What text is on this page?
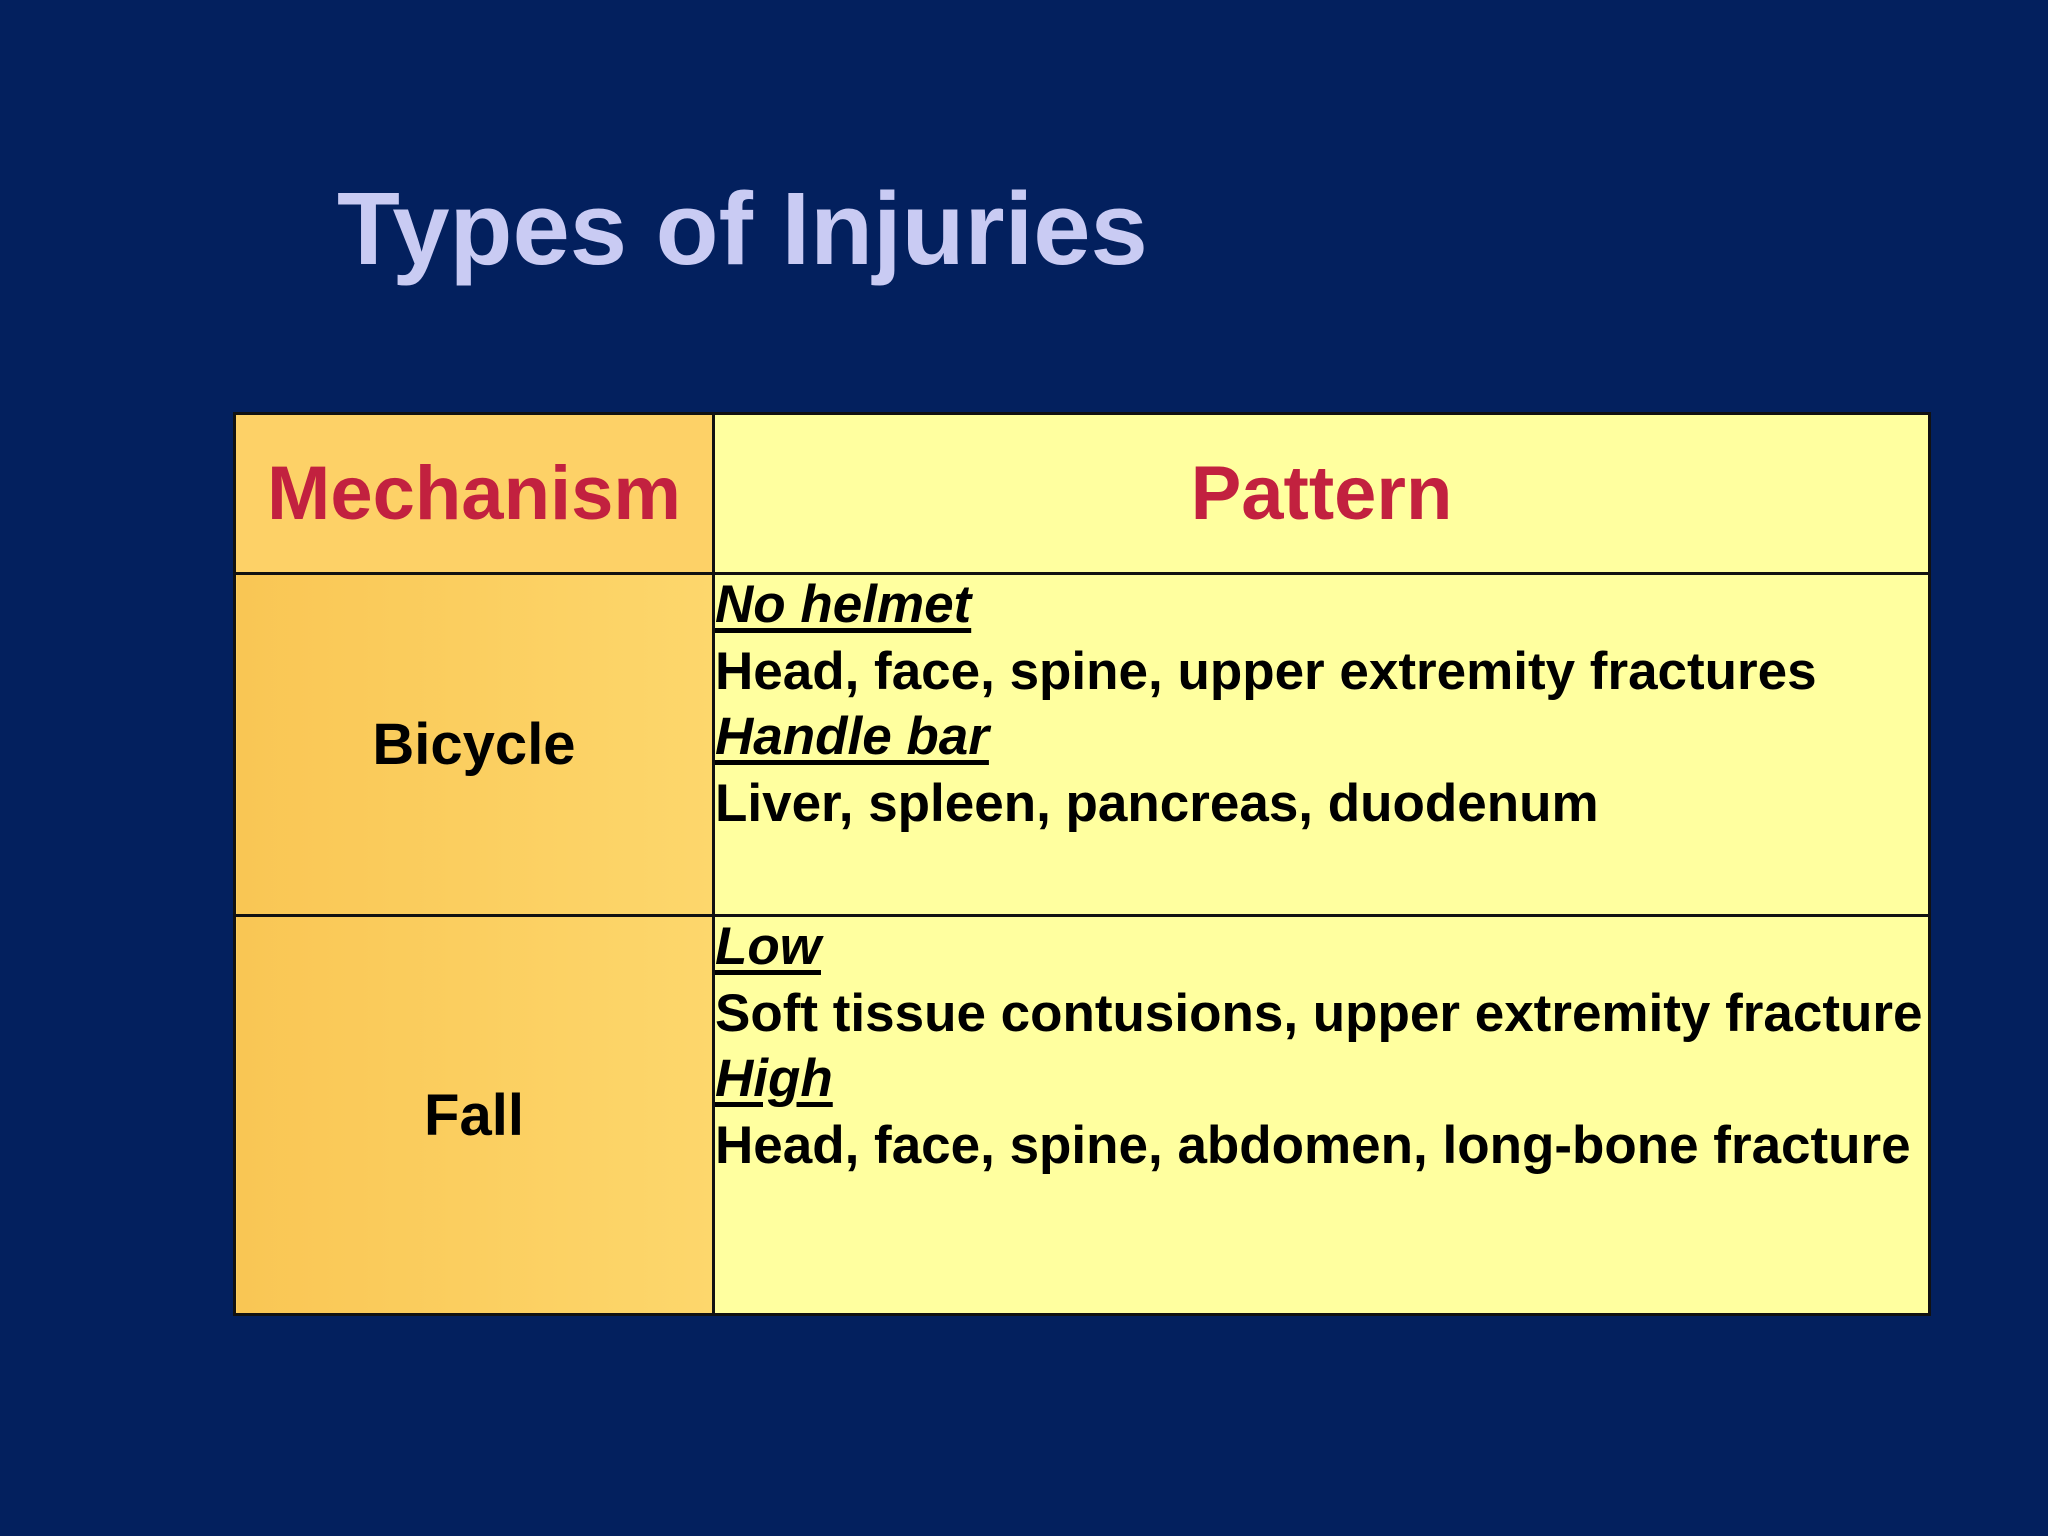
Types of Injuries
Mechanism	Pattern
Bicycle	No helmet
Head, face, spine, upper extremity fractures
Handle bar
Liver, spleen, pancreas, duodenum

Fall	Low
Soft tissue contusions, upper extremity fracture
High
Head, face, spine, abdomen, long-bone fracture
